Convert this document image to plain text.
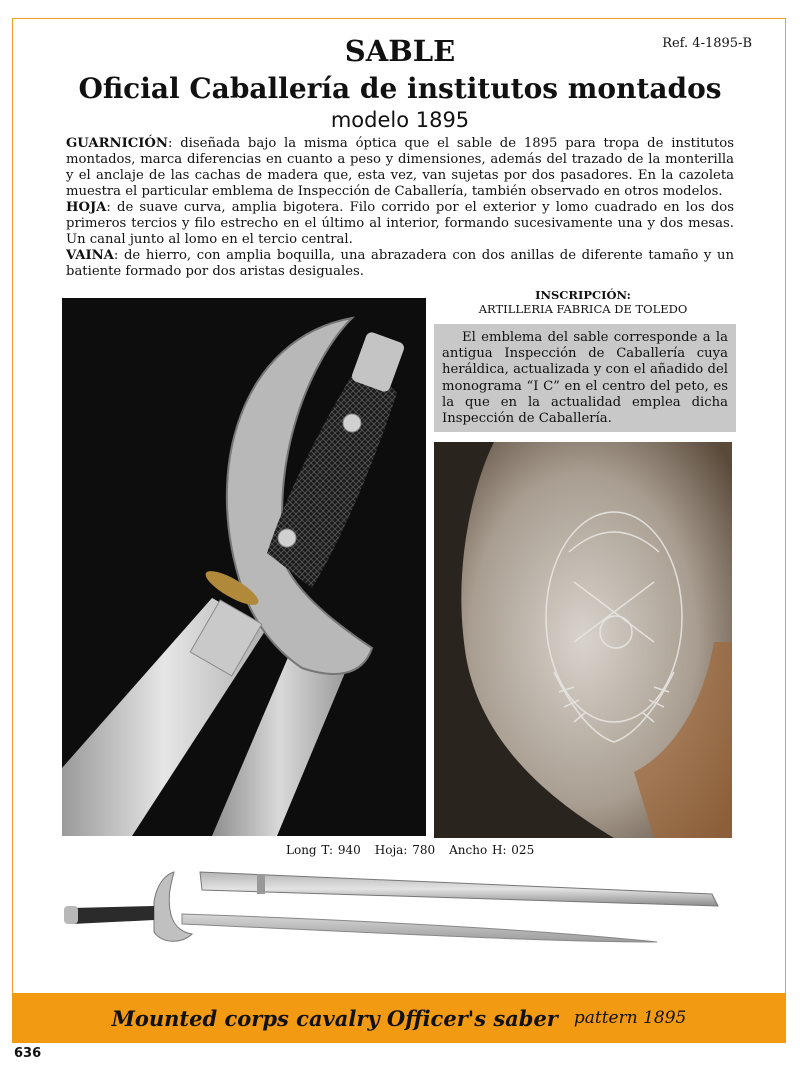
Ref. 4-1895-B
SABLE
Oficial Caballería de institutos montados
modelo 1895

GUARNICIÓN: diseñada bajo la misma óptica que el sable de 1895 para tropa de institutos montados, marca diferencias en cuanto a peso y dimensiones, además del trazado de la monterilla y el anclaje de las cachas de madera que, esta vez, van sujetas por dos pasadores. En la cazoleta muestra el particular emblema de Inspección de Caballería, también observado en otros modelos.

HOJA: de suave curva, amplia bigotera. Filo corrido por el exterior y lomo cuadrado en los dos primeros tercios y filo estrecho en el último al interior, formando sucesivamente una y dos mesas. Un canal junto al lomo en el tercio central.

VAINA: de hierro, con amplia boquilla, una abrazadera con dos anillas de diferente tamaño y un batiente formado por dos aristas desiguales.

INSCRIPCIÓN:
ARTILLERIA FABRICA DE TOLEDO
El emblema del sable corresponde a la antigua Inspección de Caballería cuya heráldica, actualizada y con el añadido del monograma “I C” en el centro del peto, es la que en la actualidad emplea dicha Inspección de Caballería.
Long T: 940 Hoja: 780 Ancho H: 025
Mounted corps cavalry Officer's saber pattern 1895
636
